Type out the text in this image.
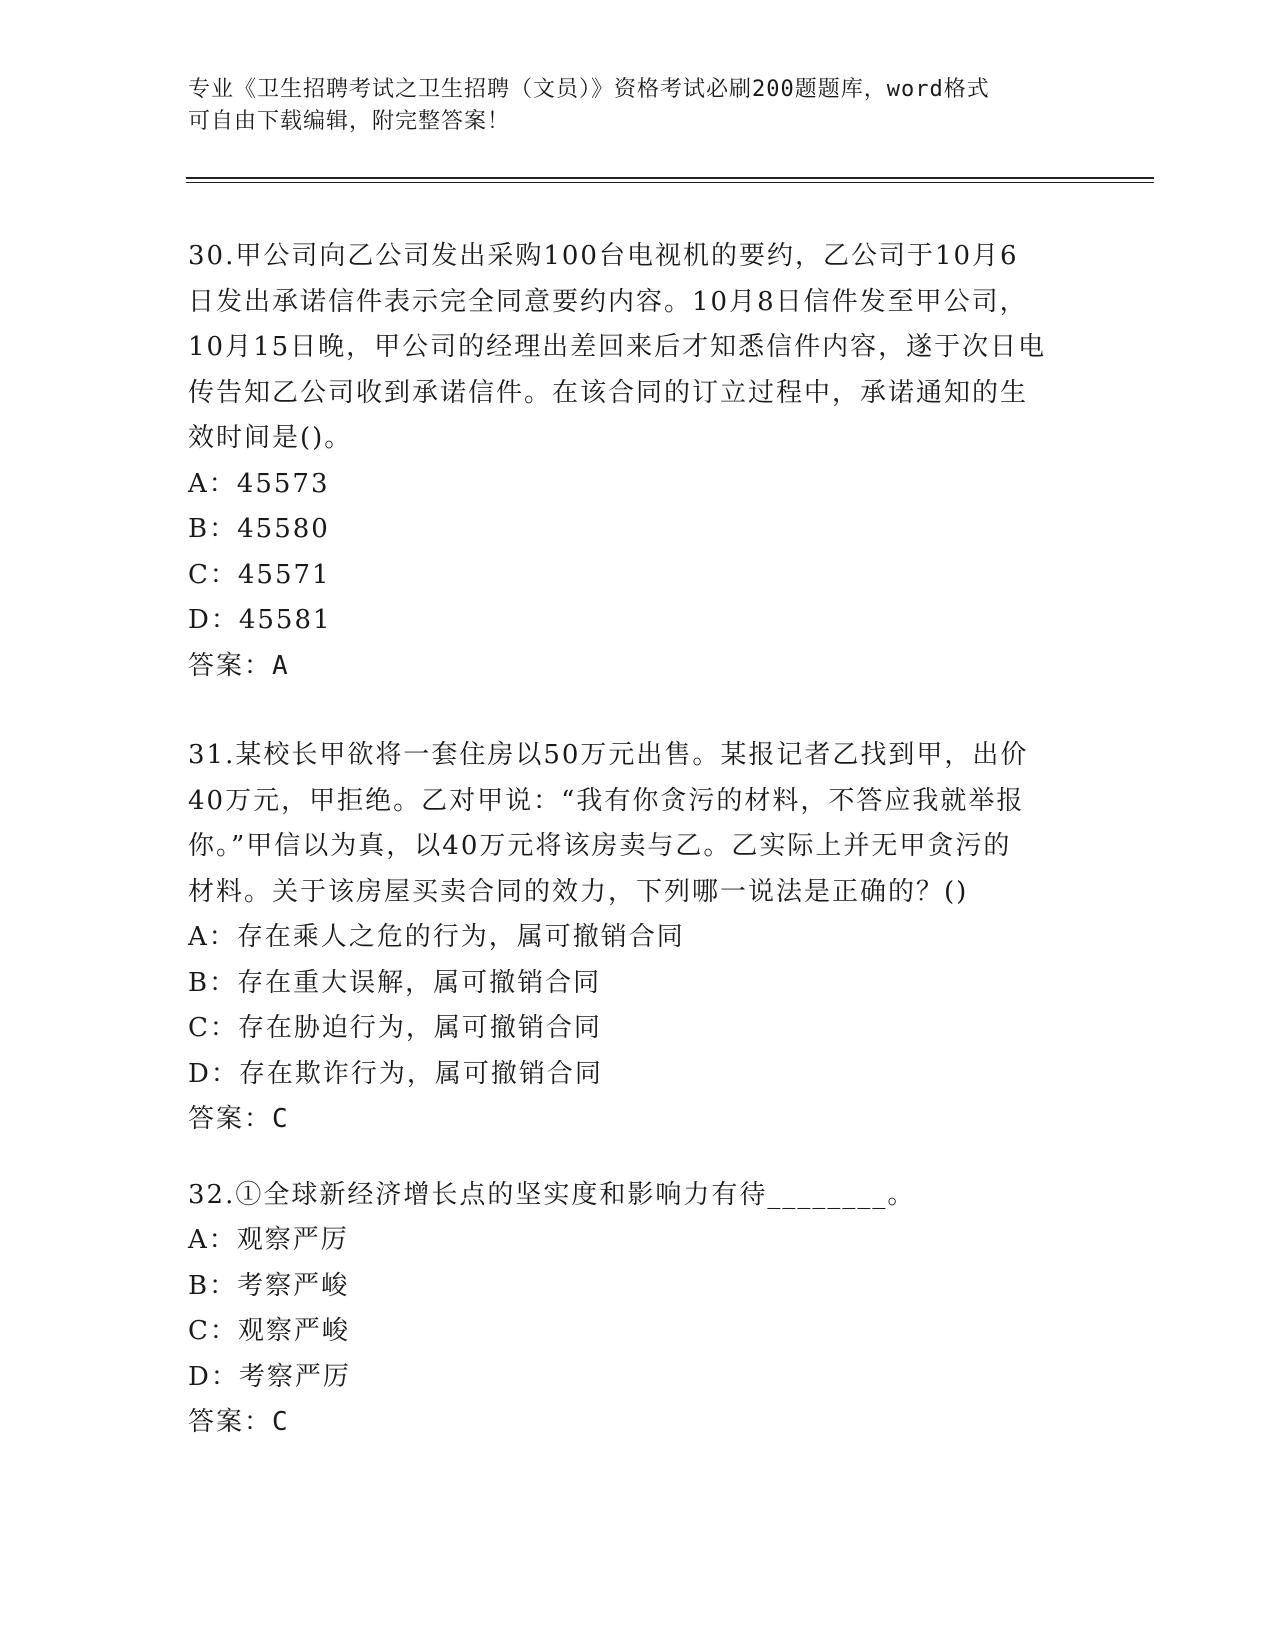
专业《卫生招聘考试之卫生招聘（文员）》资格考试必刷200题题库，word格式
可自由下载编辑，附完整答案！
30.甲公司向乙公司发出采购100台电视机的要约，乙公司于10月6
日发出承诺信件表示完全同意要约内容。10月8日信件发至甲公司，
10月15日晚，甲公司的经理出差回来后才知悉信件内容，遂于次日电
传告知乙公司收到承诺信件。在该合同的订立过程中，承诺通知的生
效时间是()。
A：45573
B：45580
C：45571
D：45581
答案：A
31.某校长甲欲将一套住房以50万元出售。某报记者乙找到甲，出价
40万元，甲拒绝。乙对甲说：“我有你贪污的材料，不答应我就举报
你。”甲信以为真，以40万元将该房卖与乙。乙实际上并无甲贪污的
材料。关于该房屋买卖合同的效力，下列哪一说法是正确的？()
A：存在乘人之危的行为，属可撤销合同
B：存在重大误解，属可撤销合同
C：存在胁迫行为，属可撤销合同
D：存在欺诈行为，属可撤销合同
答案：C
32.①全球新经济增长点的坚实度和影响力有待________。
A：观察严厉
B：考察严峻
C：观察严峻
D：考察严厉
答案：C
